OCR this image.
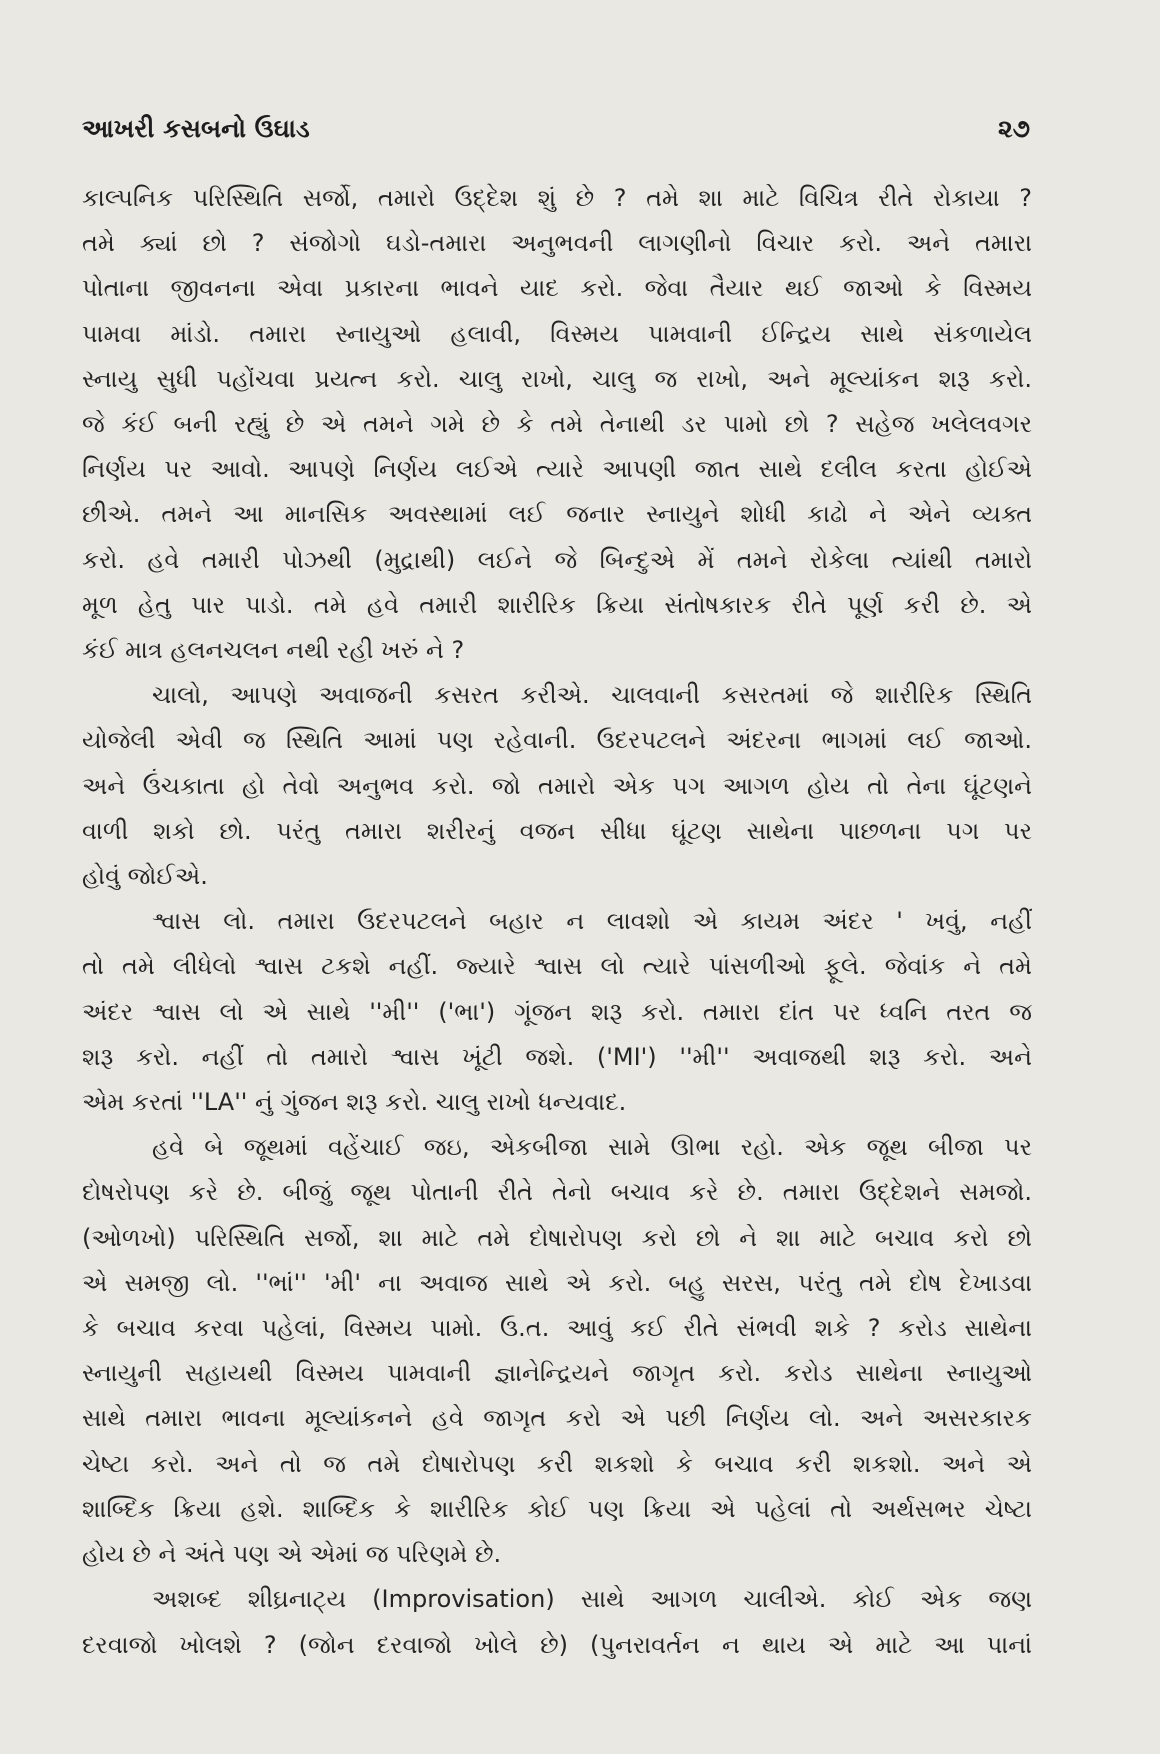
આખરી કસબનો ઉઘાડ	૨૭
કાલ્પનિક પરિસ્થિતિ સર્જો, તમારો ઉદ્દેશ શું છે ? તમે શા માટે વિચિત્ર રીતે રોકાયા ?
તમે ક્યાં છો ? સંજોગો ઘડો-તમારા અનુભવની લાગણીનો વિચાર કરો. અને તમારા
પોતાના જીવનના એવા પ્રકારના ભાવને યાદ કરો. જેવા તૈયાર થઈ જાઓ કે વિસ્મય
પામવા માંડો. તમારા સ્નાયુઓ હલાવી, વિસ્મય પામવાની ઈન્દ્રિય સાથે સંકળાયેલ
સ્નાયુ સુધી પહોંચવા પ્રયત્ન કરો. ચાલુ રાખો, ચાલુ જ રાખો, અને મૂલ્યાંકન શરૂ કરો.
જે કંઈ બની રહ્યું છે એ તમને ગમે છે કે તમે તેનાથી ડર પામો છો ? સહેજ ખલેલવગર
નિર્ણય પર આવો. આપણે નિર્ણય લઈએ ત્યારે આપણી જાત સાથે દલીલ કરતા હોઈએ
છીએ. તમને આ માનસિક અવસ્થામાં લઈ જનાર સ્નાયુને શોધી કાઢો ને એને વ્યક્ત
કરો. હવે તમારી પોઝથી (મુદ્રાથી) લઈને જે બિન્દુએ મેં તમને રોકેલા ત્યાંથી તમારો
મૂળ હેતુ પાર પાડો. તમે હવે તમારી શારીરિક ક્રિયા સંતોષકારક રીતે પૂર્ણ કરી છે. એ
કંઈ માત્ર હલનચલન નથી રહી ખરું ને ?
ચાલો, આપણે અવાજની કસરત કરીએ. ચાલવાની કસરતમાં જે શારીરિક સ્થિતિ
યોજેલી એવી જ સ્થિતિ આમાં પણ રહેવાની. ઉદરપટલને અંદરના ભાગમાં લઈ જાઓ.
અને ઉંચકાતા હો તેવો અનુભવ કરો. જો તમારો એક પગ આગળ હોય તો તેના ઘૂંટણને
વાળી શકો છો. પરંતુ તમારા શરીરનું વજન સીધા ઘૂંટણ સાથેના પાછળના પગ પર
હોવું જોઈએ.
શ્વાસ લો. તમારા ઉદરપટલને બહાર ન લાવશો એ કાયમ અંદર ' ખવું, નહીં
તો તમે લીધેલો શ્વાસ ટકશે નહીં. જ્યારે શ્વાસ લો ત્યારે પાંસળીઓ ફૂલે. જેવાંક ને તમે
અંદર શ્વાસ લો એ સાથે ''મી'' ('ભા') ગૂંજન શરૂ કરો. તમારા દાંત પર ધ્વનિ તરત જ
શરૂ કરો. નહીં તો તમારો શ્વાસ ખૂંટી જશે. ('MI') ''મી'' અવાજથી શરૂ કરો. અને
એમ કરતાં ''LA'' નું ગુંજન શરૂ કરો. ચાલુ રાખો ધન્યવાદ.
હવે બે જૂથમાં વહેંચાઈ જઇ, એકબીજા સામે ઊભા રહો. એક જૂથ બીજા પર
દોષરોપણ કરે છે. બીજું જૂથ પોતાની રીતે તેનો બચાવ કરે છે. તમારા ઉદ્દેશને સમજો.
(ઓળખો) પરિસ્થિતિ સર્જો, શા માટે તમે દોષારોપણ કરો છો ને શા માટે બચાવ કરો છો
એ સમજી લો. ''ભાં'' 'મી' ના અવાજ સાથે એ કરો. બહુ સરસ, પરંતુ તમે દોષ દેખાડવા
કે બચાવ કરવા પહેલાં, વિસ્મય પામો. ઉ.ત. આવું કઈ રીતે સંભવી શકે ? કરોડ સાથેના
સ્નાયુની સહાયથી વિસ્મય પામવાની જ્ઞાનેન્દ્રિયને જાગૃત કરો. કરોડ સાથેના સ્નાયુઓ
સાથે તમારા ભાવના મૂલ્યાંકનને હવે જાગૃત કરો એ પછી નિર્ણય લો. અને અસરકારક
ચેષ્ટા કરો. અને તો જ તમે દોષારોપણ કરી શકશો કે બચાવ કરી શકશો. અને એ
શાબ્દિક ક્રિયા હશે. શાબ્દિક કે શારીરિક કોઈ પણ ક્રિયા એ પહેલાં તો અર્થસભર ચેષ્ટા
હોય છે ને અંતે પણ એ એમાં જ પરિણમે છે.
અશબ્દ શીઘ્રનાટ્ય (Improvisation) સાથે આગળ ચાલીએ. કોઈ એક જણ
દરવાજો ખોલશે ? (જોન દરવાજો ખોલે છે) (પુનરાવર્તન ન થાય એ માટે આ પાનાં
